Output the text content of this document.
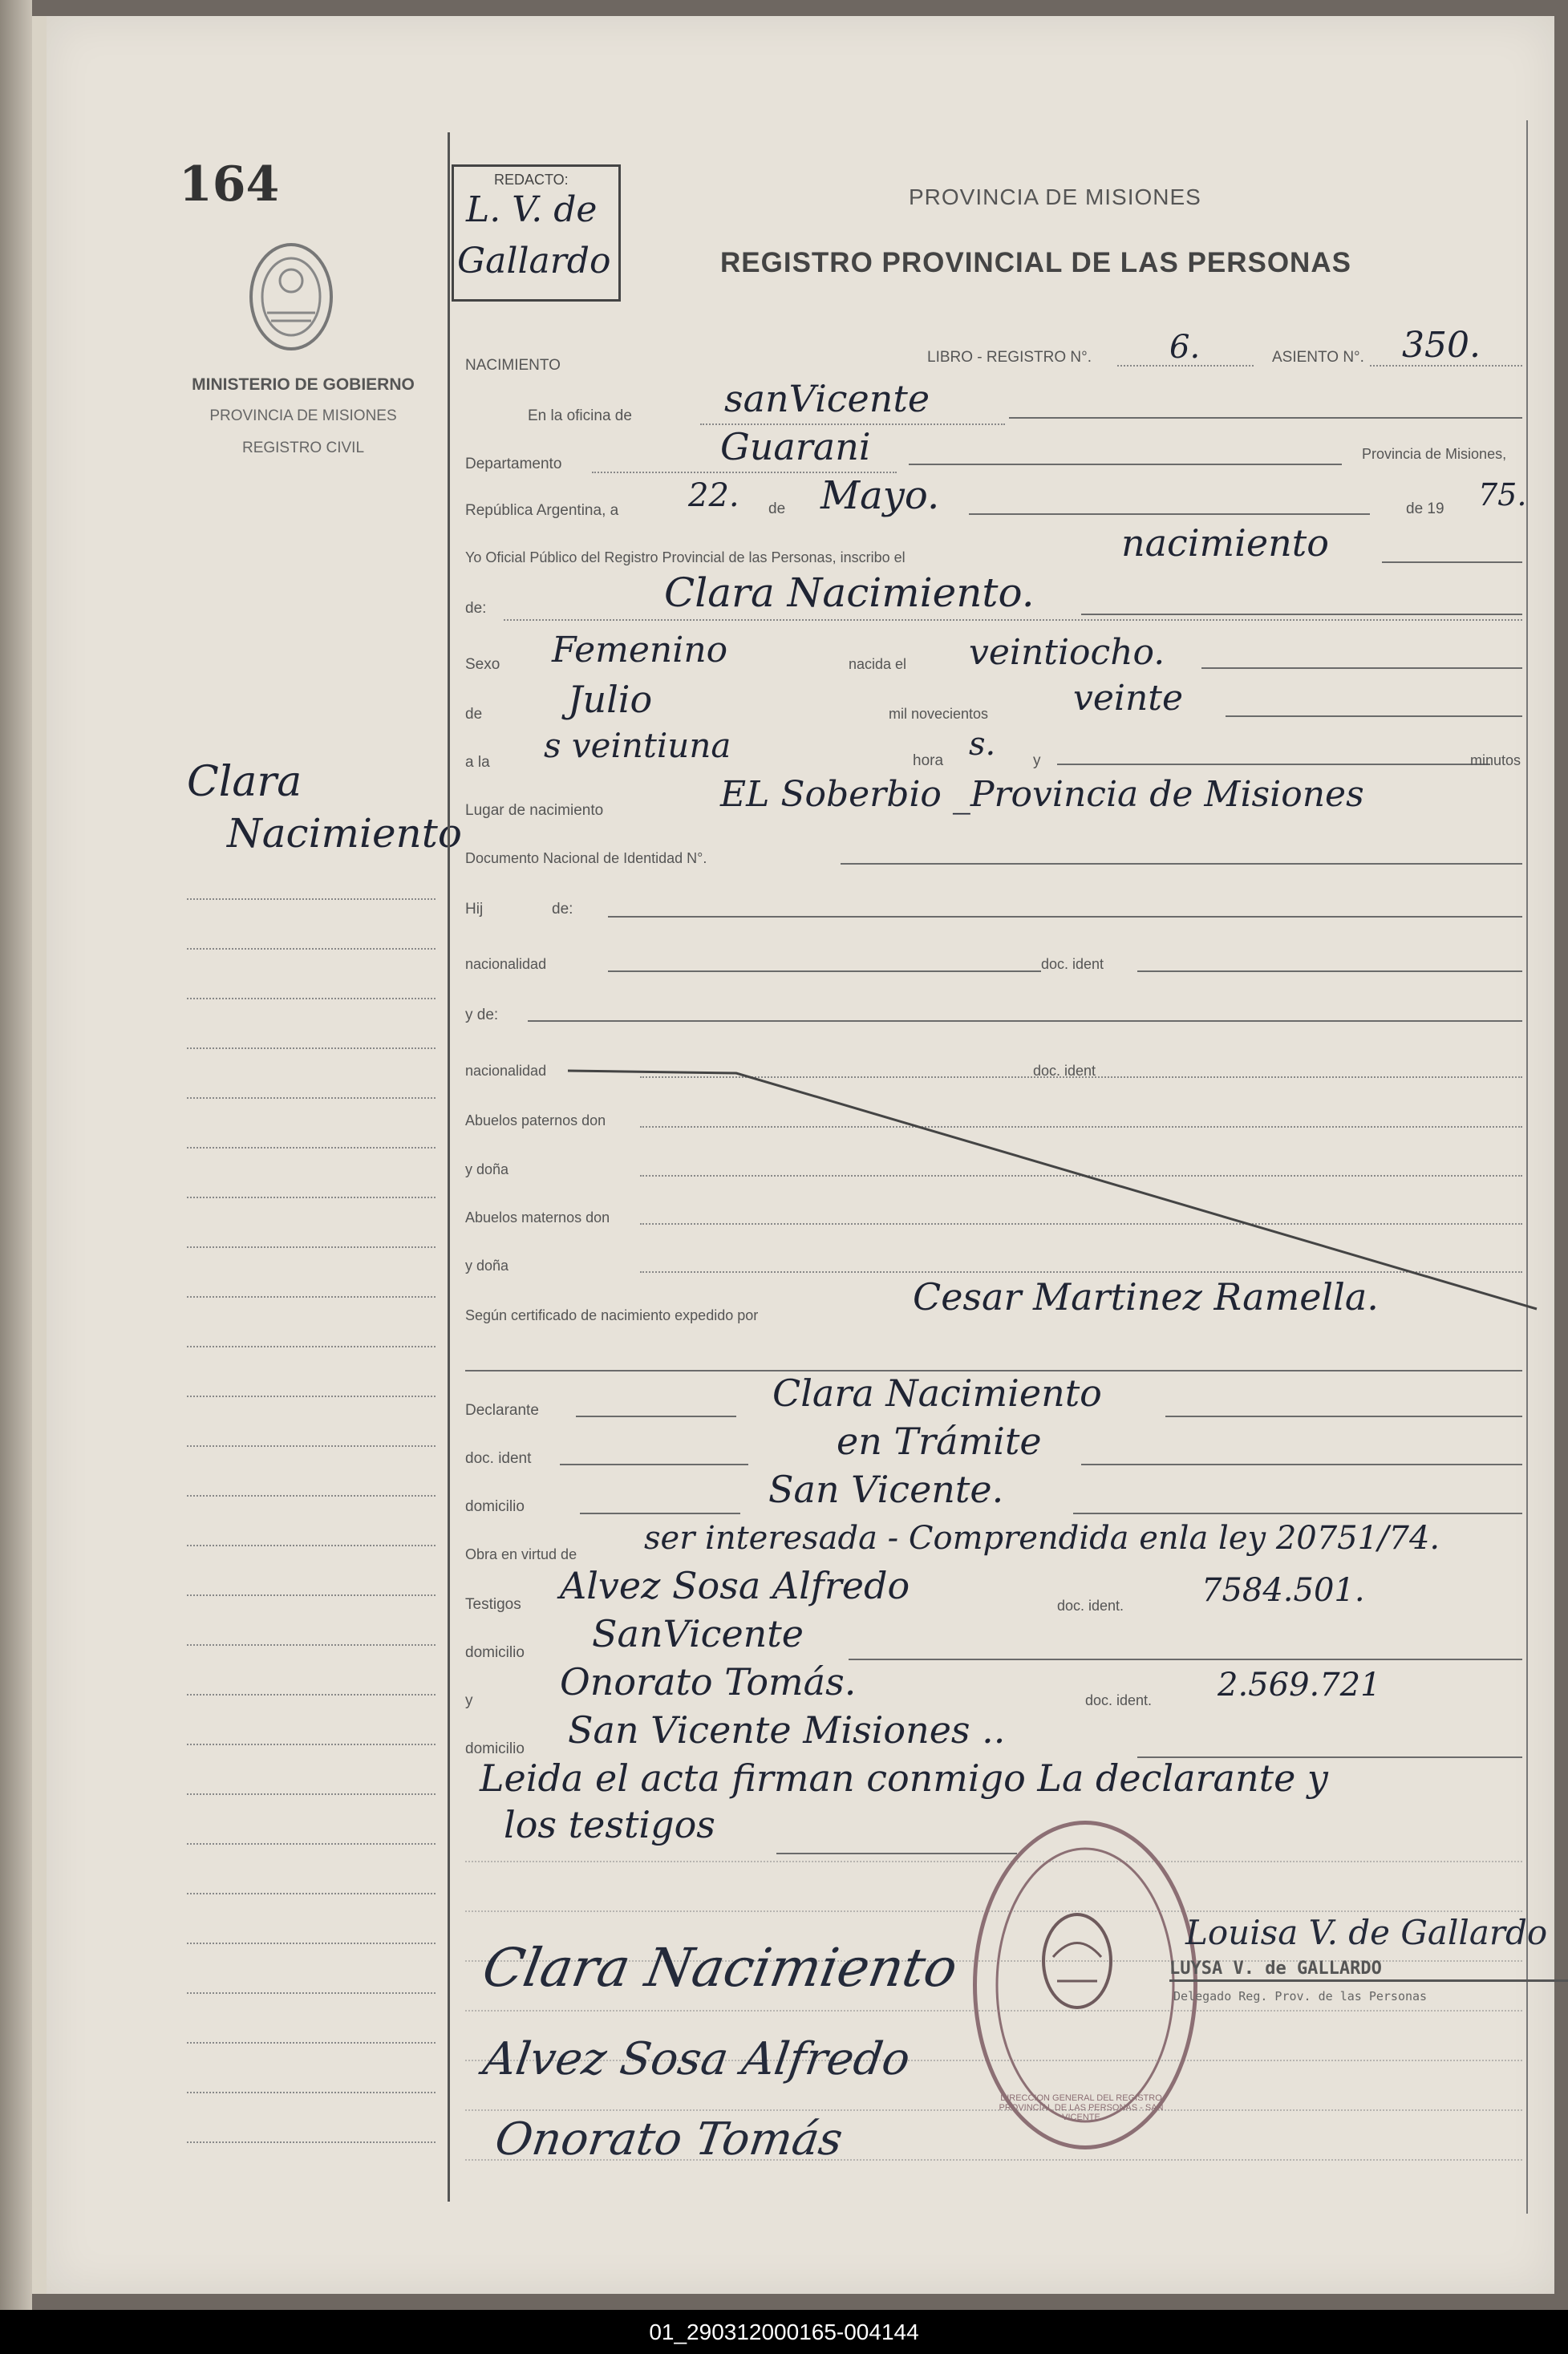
164
MINISTERIO DE GOBIERNO
PROVINCIA DE MISIONES
REGISTRO CIVIL
Clara
Nacimiento
REDACTO:
L. V. de
Gallardo
PROVINCIA DE MISIONES
REGISTRO PROVINCIAL DE LAS PERSONAS
NACIMIENTO	LIBRO - REGISTRO N°. 6.	ASIENTO N°. 350.
En la oficina de	sanVicente
Departamento	Guarani	Provincia de Misiones,
República Argentina, a 22. de Mayo.	de 19 75.
Yo Oficial Público del Registro Provincial de las Personas, inscribo el	nacimiento
de:	Clara Nacimiento.
Sexo Femenino	nacida el veintiocho.
de Julio	mil novecientos veinte
a la s veintiuna	hora s. y	minutos
Lugar de nacimiento	EL Soberbio _Provincia de Misiones
Documento Nacional de Identidad N°.
Hij	de:
nacionalidad	doc. ident
y de:
nacionalidad	doc. ident
Abuelos paternos don
y doña
Abuelos maternos don
y doña
Según certificado de nacimiento expedido por	Cesar Martinez Ramella.
Declarante	Clara Nacimiento
doc. ident	en Trámite
domicilio	San Vicente.
Obra en virtud de ser interesada - Comprendida enla ley 20751/74.
Testigos Alvez Sosa Alfredo	doc. ident. 7584.501.
domicilio SanVicente
y Onorato Tomás.	doc. ident. 2.569.721
domicilio San Vicente Misiones ..
Leida el acta firman conmigo La declarante y
los testigos
DIRECCION GENERAL DEL REGISTRO PROVINCIAL DE LAS PERSONAS - SAN VICENTE
Louisa V. de Gallardo
LUYSA V. de GALLARDO
Delegado Reg. Prov. de las Personas
Clara Nacimiento
Alvez Sosa Alfredo
Onorato Tomás
01_290312000165-004144
